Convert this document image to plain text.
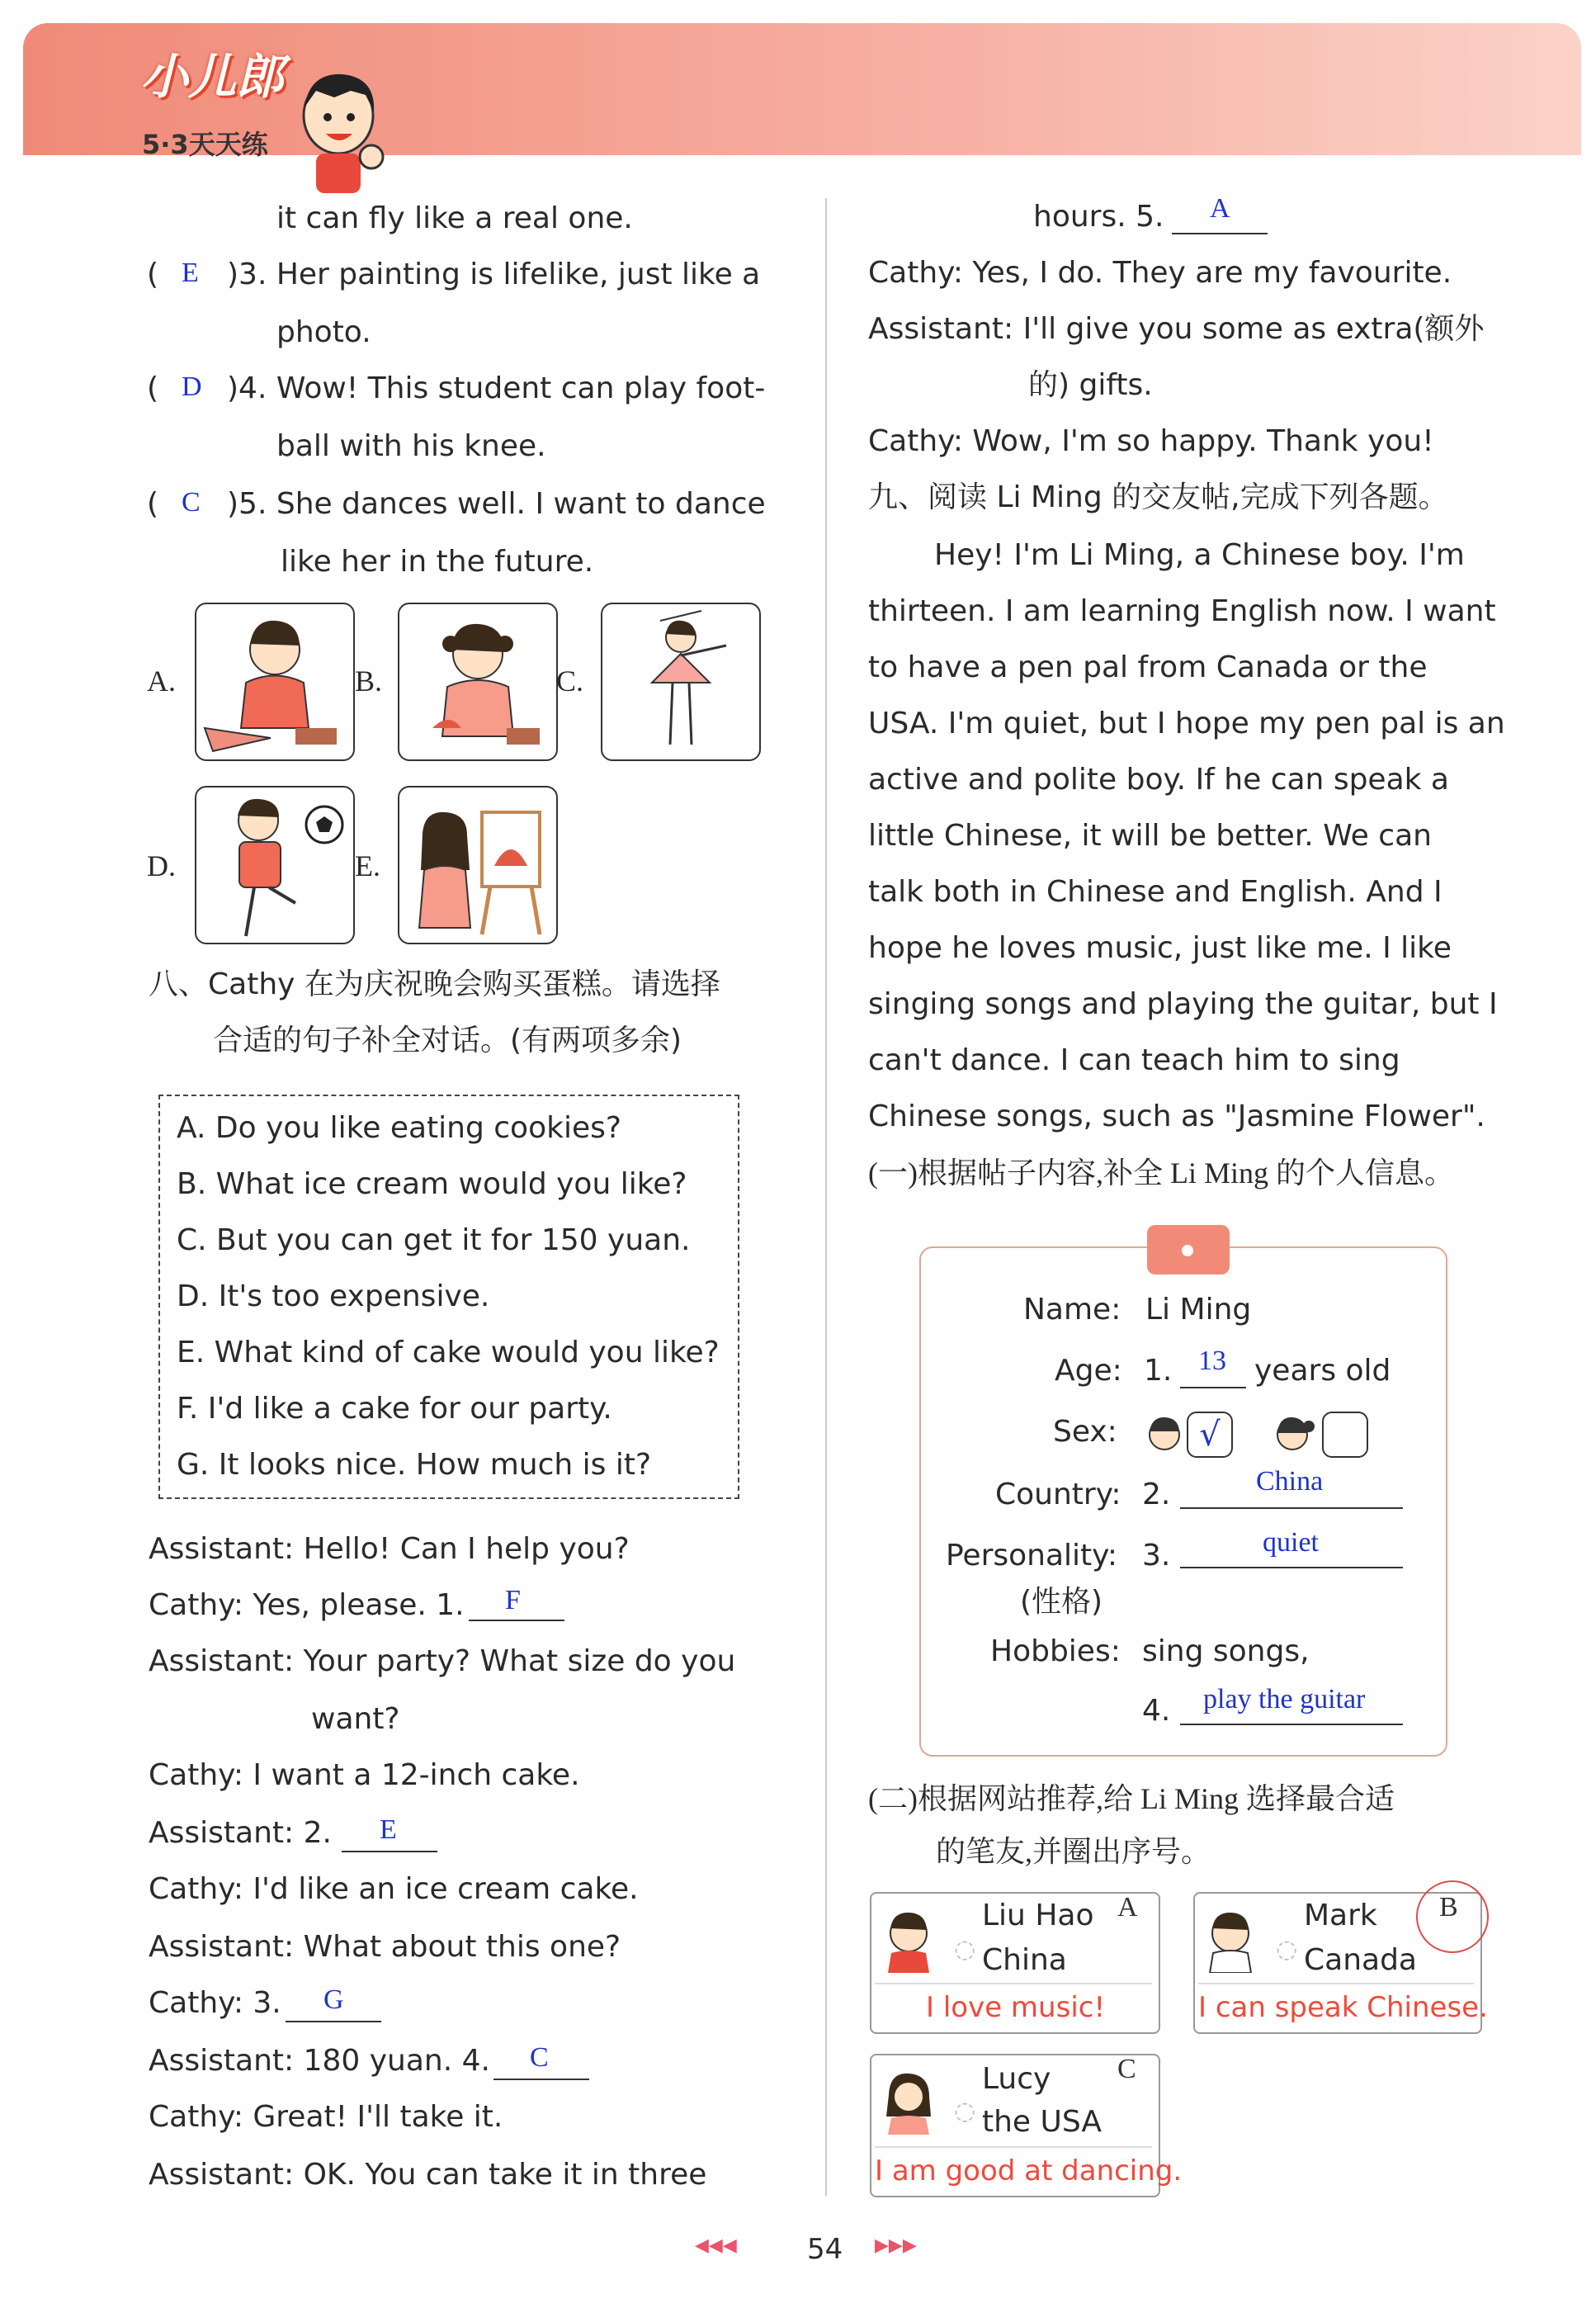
小儿郎
5·3天天练
it can fly like a real one.
( E )3. Her painting is lifelike, just like a
photo.
( D )4. Wow! This student can play foot-
ball with his knee.
( C )5. She dances well. I want to dance
like her in the future.
A.	B.	C.
D.	E.
八、Cathy 在为庆祝晚会购买蛋糕。请选择
合适的句子补全对话。(有两项多余)
A. Do you like eating cookies?
B. What ice cream would you like?
C. But you can get it for 150 yuan.
D. It's too expensive.
E. What kind of cake would you like?
F. I'd like a cake for our party.
G. It looks nice. How much is it?
Assistant: Hello! Can I help you?
Cathy: Yes, please. 1. F
Assistant: Your party? What size do you
want?
Cathy: I want a 12-inch cake.
Assistant: 2. E
Cathy: I'd like an ice cream cake.
Assistant: What about this one?
Cathy: 3. G
Assistant: 180 yuan. 4. C
Cathy: Great! I'll take it.
Assistant: OK. You can take it in three
hours. 5. A
Cathy: Yes, I do. They are my favourite.
Assistant: I'll give you some as extra(额外
的) gifts.
Cathy: Wow, I'm so happy. Thank you!
九、阅读 Li Ming 的交友帖,完成下列各题。
Hey! I'm Li Ming, a Chinese boy. I'm
thirteen. I am learning English now. I want
to have a pen pal from Canada or the
USA. I'm quiet, but I hope my pen pal is an
active and polite boy. If he can speak a
little Chinese, it will be better. We can
talk both in Chinese and English. And I
hope he loves music, just like me. I like
singing songs and playing the guitar, but I
can't dance. I can teach him to sing
Chinese songs, such as "Jasmine Flower".
(一)根据帖子内容,补全 Li Ming 的个人信息。
Name: Li Ming
Age: 1. 13 years old
Sex:	√
Country: 2.	China
Personality: 3.	quiet
(性格)
Hobbies: sing songs,
4. play the guitar
(二)根据网站推荐,给 Li Ming 选择最合适
的笔友,并圈出序号。
Liu Hao
China
◌
A
I love music!
Mark
Canada
◌
B
I can speak Chinese.
Lucy
the USA
◌
C
I am good at dancing.
◀◀◀	54 ▶▶▶
